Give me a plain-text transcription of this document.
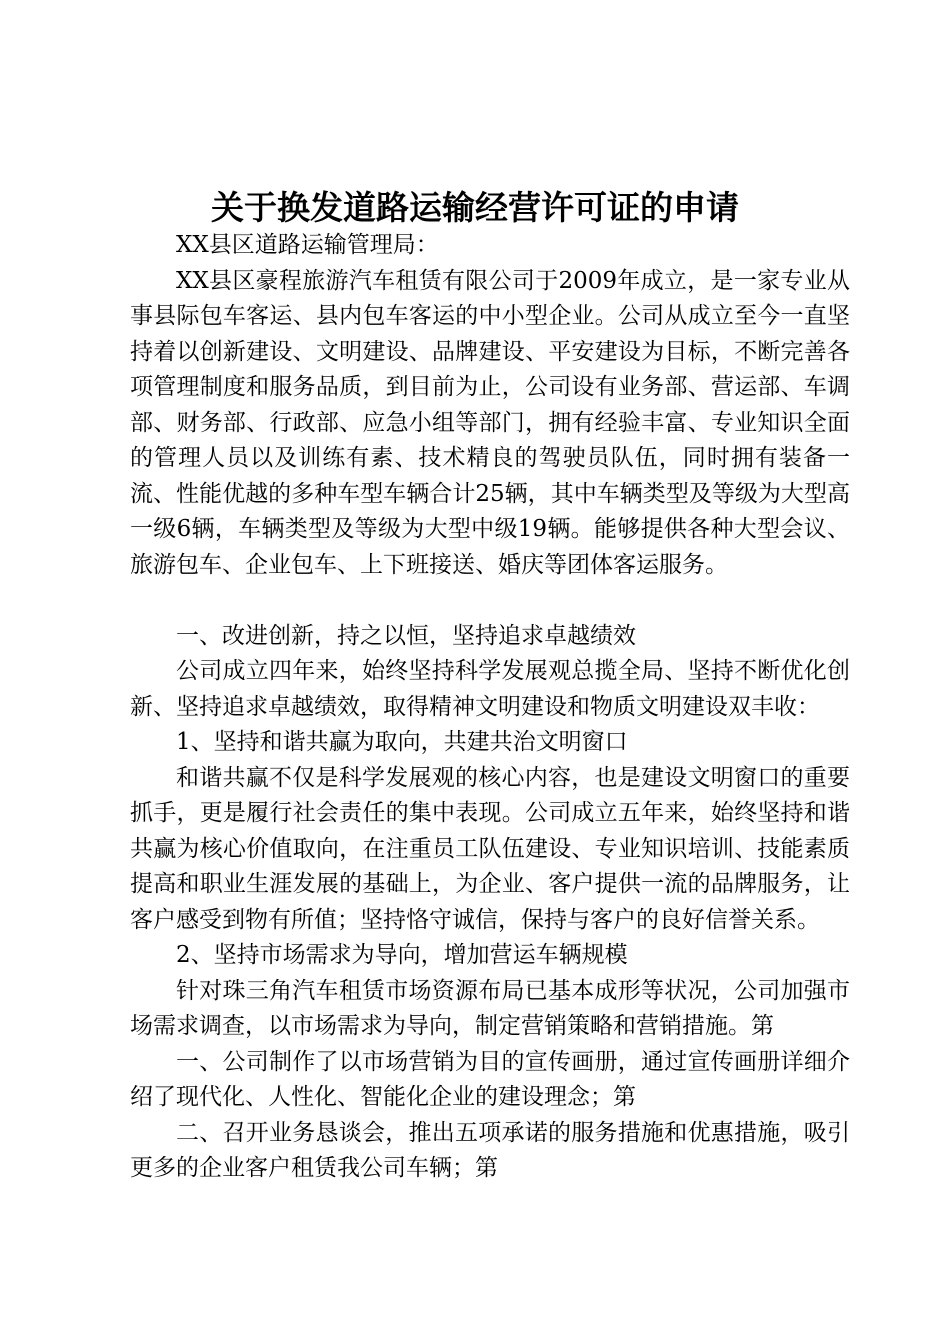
关于换发道路运输经营许可证的申请

XX县区道路运输管理局：

XX县区豪程旅游汽车租赁有限公司于2009年成立，是一家专业从事县际包车客运、县内包车客运的中小型企业。公司从成立至今一直坚持着以创新建设、文明建设、品牌建设、平安建设为目标，不断完善各项管理制度和服务品质，到目前为止，公司设有业务部、营运部、车调部、财务部、行政部、应急小组等部门，拥有经验丰富、专业知识全面的管理人员以及训练有素、技术精良的驾驶员队伍，同时拥有装备一流、性能优越的多种车型车辆合计25辆，其中车辆类型及等级为大型高一级6辆，车辆类型及等级为大型中级19辆。能够提供各种大型会议、旅游包车、企业包车、上下班接送、婚庆等团体客运服务。

一、改进创新，持之以恒，坚持追求卓越绩效

公司成立四年来，始终坚持科学发展观总揽全局、坚持不断优化创新、坚持追求卓越绩效，取得精神文明建设和物质文明建设双丰收：

1、坚持和谐共赢为取向，共建共治文明窗口

和谐共赢不仅是科学发展观的核心内容，也是建设文明窗口的重要抓手，更是履行社会责任的集中表现。公司成立五年来，始终坚持和谐共赢为核心价值取向，在注重员工队伍建设、专业知识培训、技能素质提高和职业生涯发展的基础上，为企业、客户提供一流的品牌服务，让客户感受到物有所值；坚持恪守诚信，保持与客户的良好信誉关系。

2、坚持市场需求为导向，增加营运车辆规模

针对珠三角汽车租赁市场资源布局已基本成形等状况，公司加强市场需求调查，以市场需求为导向，制定营销策略和营销措施。第

一、公司制作了以市场营销为目的宣传画册，通过宣传画册详细介绍了现代化、人性化、智能化企业的建设理念；第

二、召开业务恳谈会，推出五项承诺的服务措施和优惠措施，吸引更多的企业客户租赁我公司车辆；第
